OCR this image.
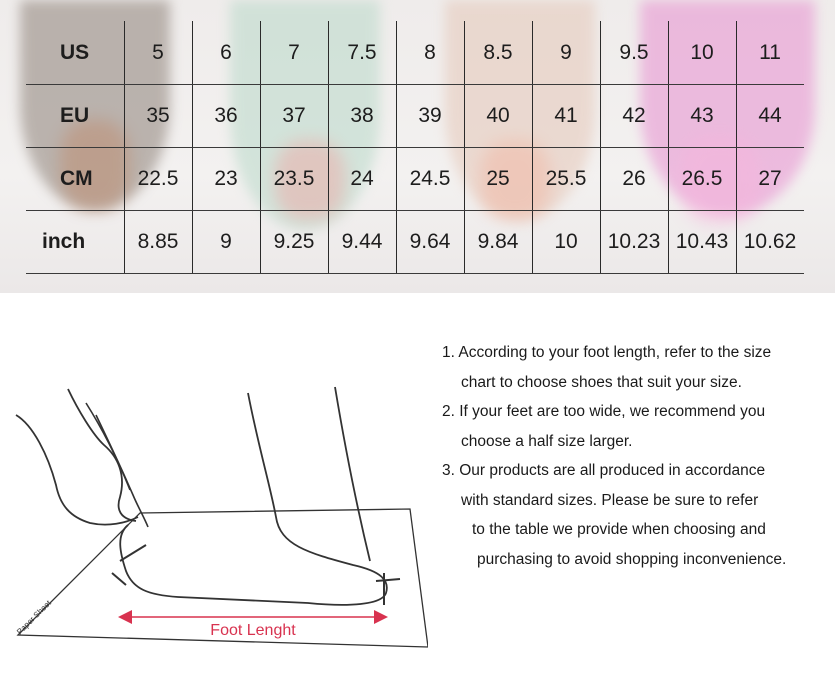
US	5	6	7	7.5	8	8.5	9	9.5	10	11
EU	35	36	37	38	39	40	41	42	43	44
CM	22.5	23	23.5	24	24.5	25	25.5	26	26.5	27
inch	8.85	9	9.25	9.44	9.64	9.84	10	10.23	10.43	10.62
Foot Lenght
Paper Sheet
1. According to your foot length, refer to the size
chart to choose shoes that suit your size.
2. If your feet are too wide, we recommend you
choose a half size larger.
3. Our products are all produced in accordance
with standard sizes. Please be sure to refer
to the table we provide when choosing and
purchasing to avoid shopping inconvenience.
